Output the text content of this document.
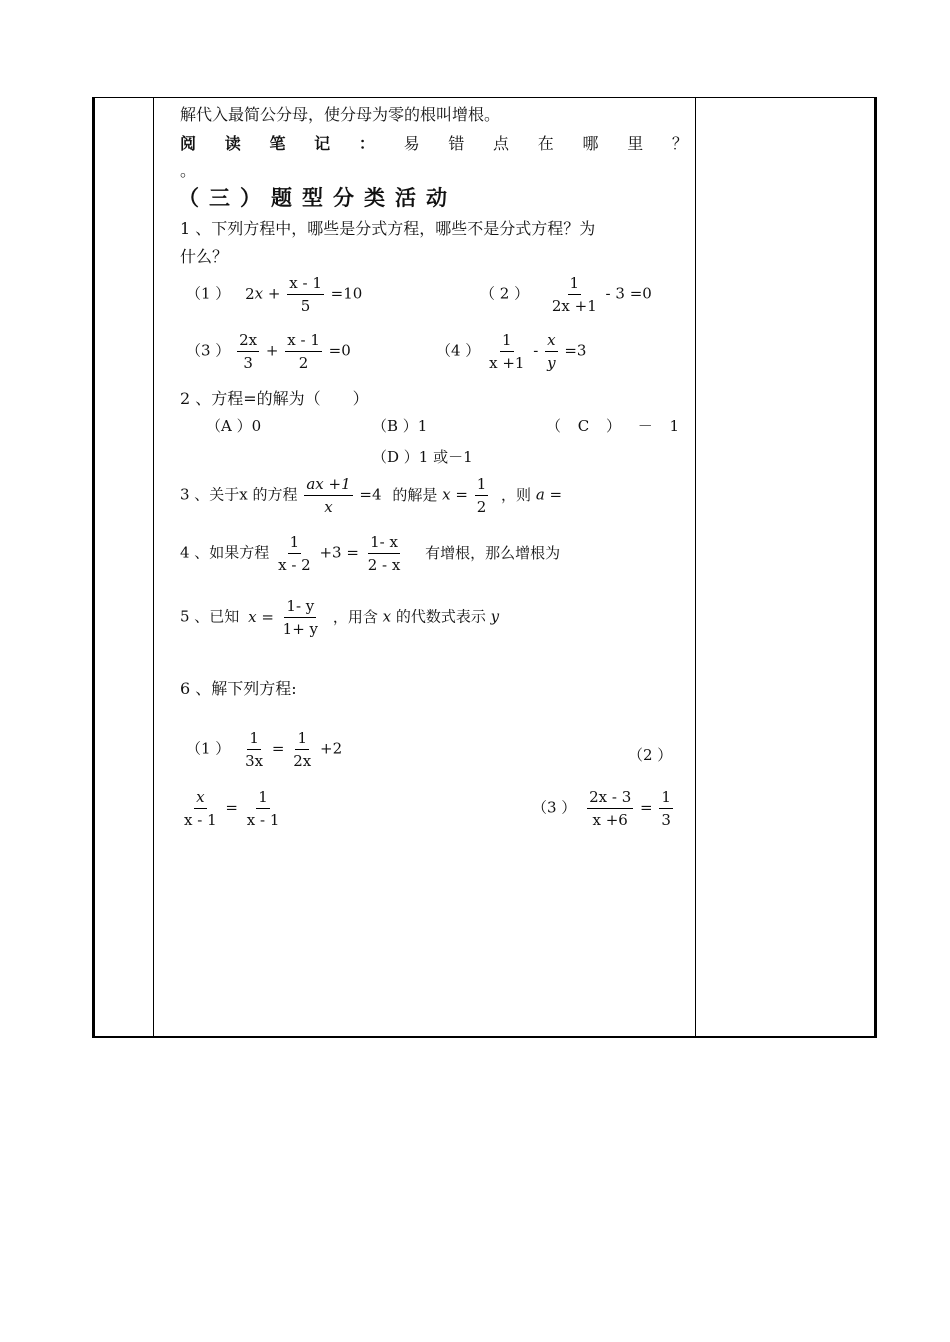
解代入最简公分母，使分母为零的根叫增根。
阅 读 笔 记 ： 易 错 点 在 哪 里 ？
。
（三）题型分类活动
1 、下列方程中，哪些是分式方程，哪些不是分式方程？为
什么？
（1 ） $2x + \frac{x - 1}{5} =10$	（ 2 ） $\frac{1}{2x +1} - 3 =0$
（3 ） $\frac{2x}{3} + \frac{x - 1}{2} =0$	（4 ） $\frac{1}{x +1} - \frac{x}{y} =3$
2 、方程=的解为（　　）
（A ）0	（B ）1	（ C ） － 1
（D ）1 或－1
3 、关于x 的方程 $\frac{ax +1}{x} =4$ 的解是 $x = \frac{1}{2}$ ，则 a =
4 、如果方程 $\frac{1}{x - 2} +3 = \frac{1- x}{2 - x}$ 有增根，那么增根为
5 、已知 $x = \frac{1- y}{1+ y}$ ，用含 x 的代数式表示 y
6 、解下列方程:
（1 ） $\frac{1}{3x} = \frac{1}{2x} +2$	（2 ）
$\frac{x}{x - 1} = \frac{1}{x - 1}$	（3 ） $\frac{2x - 3}{x +6} = \frac{1}{3}$
